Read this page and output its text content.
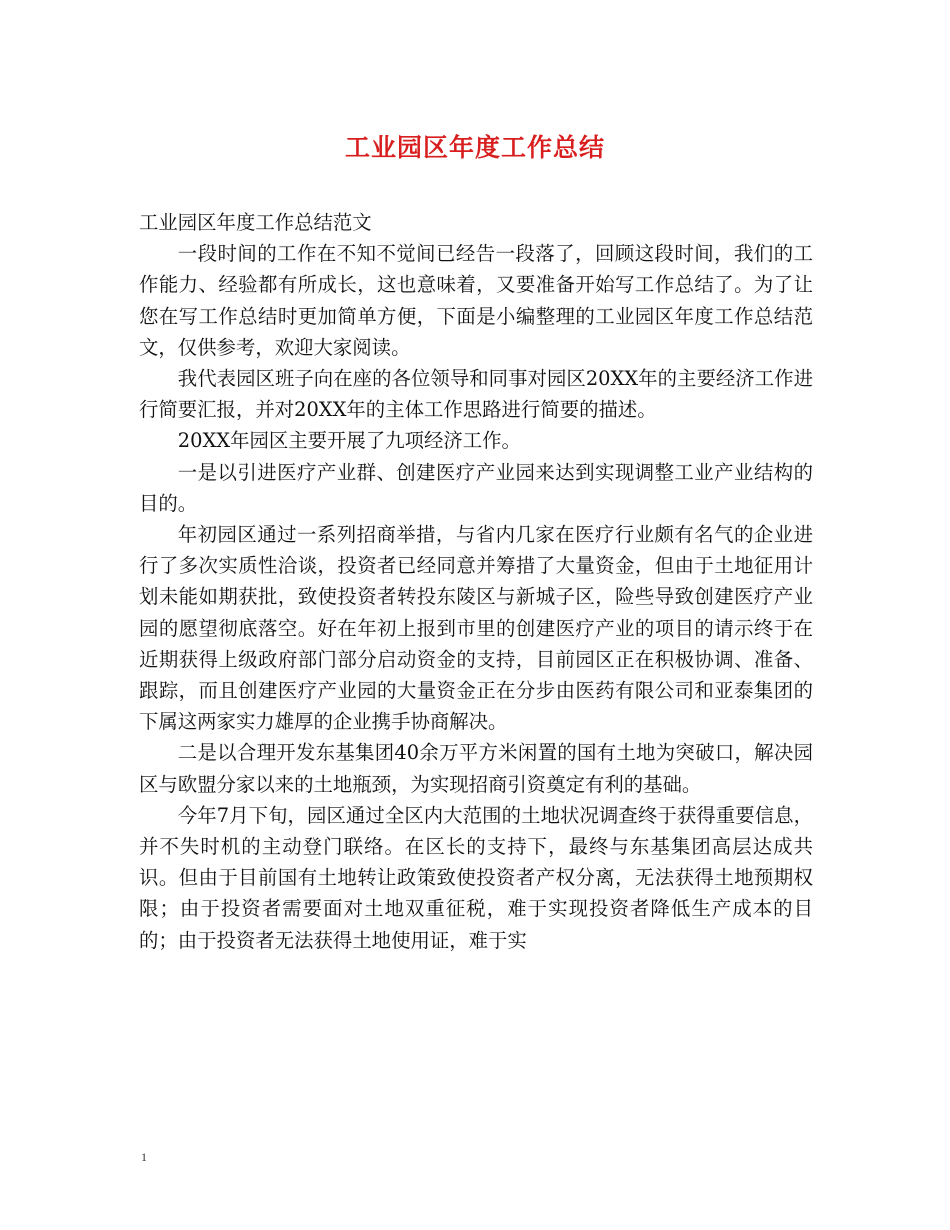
工业园区年度工作总结

工业园区年度工作总结范文

一段时间的工作在不知不觉间已经告一段落了，回顾这段时间，我们的工作能力、经验都有所成长，这也意味着，又要准备开始写工作总结了。为了让您在写工作总结时更加简单方便，下面是小编整理的工业园区年度工作总结范文，仅供参考，欢迎大家阅读。

我代表园区班子向在座的各位领导和同事对园区20XX年的主要经济工作进行简要汇报，并对20XX年的主体工作思路进行简要的描述。

20XX年园区主要开展了九项经济工作。

一是以引进医疗产业群、创建医疗产业园来达到实现调整工业产业结构的目的。

年初园区通过一系列招商举措，与省内几家在医疗行业颇有名气的企业进行了多次实质性洽谈，投资者已经同意并筹措了大量资金，但由于土地征用计划未能如期获批，致使投资者转投东陵区与新城子区，险些导致创建医疗产业园的愿望彻底落空。好在年初上报到市里的创建医疗产业的项目的请示终于在近期获得上级政府部门部分启动资金的支持，目前园区正在积极协调、准备、跟踪，而且创建医疗产业园的大量资金正在分步由医药有限公司和亚泰集团的下属这两家实力雄厚的企业携手协商解决。

二是以合理开发东基集团40余万平方米闲置的国有土地为突破口，解决园区与欧盟分家以来的土地瓶颈，为实现招商引资奠定有利的基础。

今年7月下旬，园区通过全区内大范围的土地状况调查终于获得重要信息，并不失时机的主动登门联络。在区长的支持下，最终与东基集团高层达成共识。但由于目前国有土地转让政策致使投资者产权分离，无法获得土地预期权限；由于投资者需要面对土地双重征税，难于实现投资者降低生产成本的目的；由于投资者无法获得土地使用证，难于实

1
